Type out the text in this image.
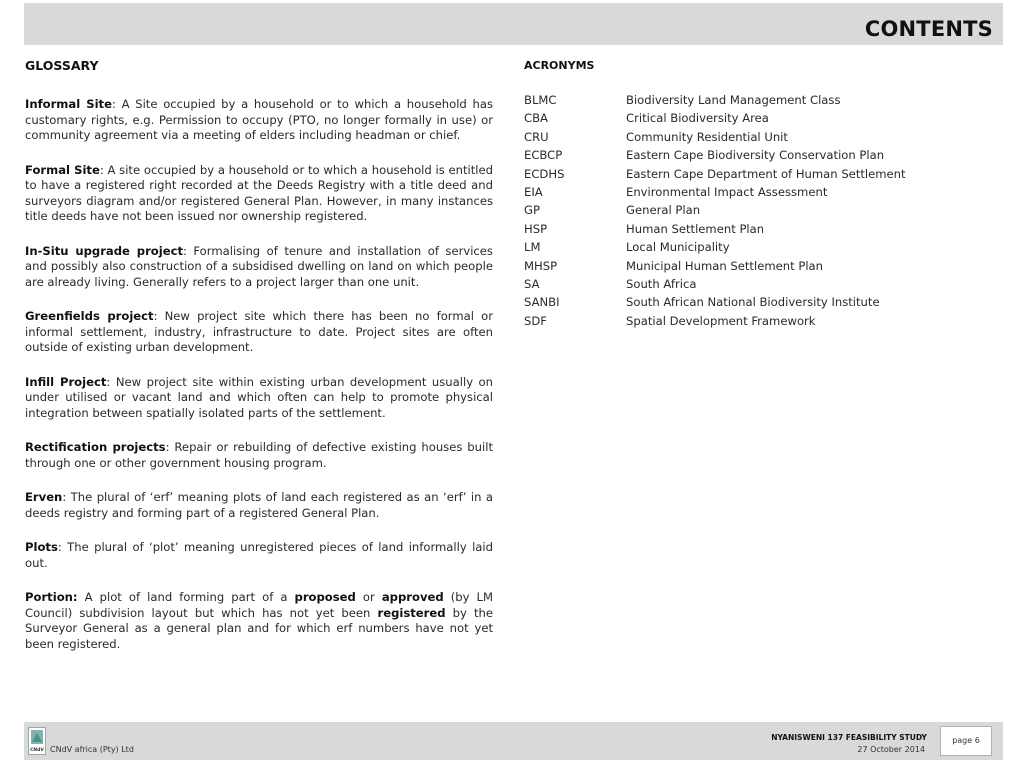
CONTENTS
GLOSSARY

Informal Site: A Site occupied by a household or to which a household has customary rights, e.g. Permission to occupy (PTO, no longer formally in use) or community agreement via a meeting of elders including headman or chief.

Formal Site: A site occupied by a household or to which a household is entitled to have a registered right recorded at the Deeds Registry with a title deed and surveyors diagram and/or registered General Plan. However, in many instances title deeds have not been issued nor ownership registered.

In-Situ upgrade project: Formalising of tenure and installation of services and possibly also construction of a subsidised dwelling on land on which people are already living. Generally refers to a project larger than one unit.

Greenfields project: New project site which there has been no formal or informal settlement, industry, infrastructure to date. Project sites are often outside of existing urban development.

Infill Project: New project site within existing urban development usually on under utilised or vacant land and which often can help to promote physical integration between spatially isolated parts of the settlement.

Rectification projects: Repair or rebuilding of defective existing houses built through one or other government housing program.

Erven: The plural of ‘erf’ meaning plots of land each registered as an ‘erf’ in a deeds registry and forming part of a registered General Plan.

Plots: The plural of ‘plot’ meaning unregistered pieces of land informally laid out.

Portion: A plot of land forming part of a proposed or approved (by LM Council) subdivision layout but which has not yet been registered by the Surveyor General as a general plan and for which erf numbers have not yet been registered.

ACRONYMS
BLMC	Biodiversity Land Management Class
CBA	Critical Biodiversity Area
CRU	Community Residential Unit
ECBCP	Eastern Cape Biodiversity Conservation Plan
ECDHS	Eastern Cape Department of Human Settlement
EIA	Environmental Impact Assessment
GP	General Plan
HSP	Human Settlement Plan
LM	Local Municipality
MHSP	Municipal Human Settlement Plan
SA	South Africa
SANBI	South African National Biodiversity Institute
SDF	Spatial Development Framework
CNdV CNdV africa (Pty) Ltd
NYANISWENI 137 FEASIBILITY STUDY
27 October 2014
page 6
